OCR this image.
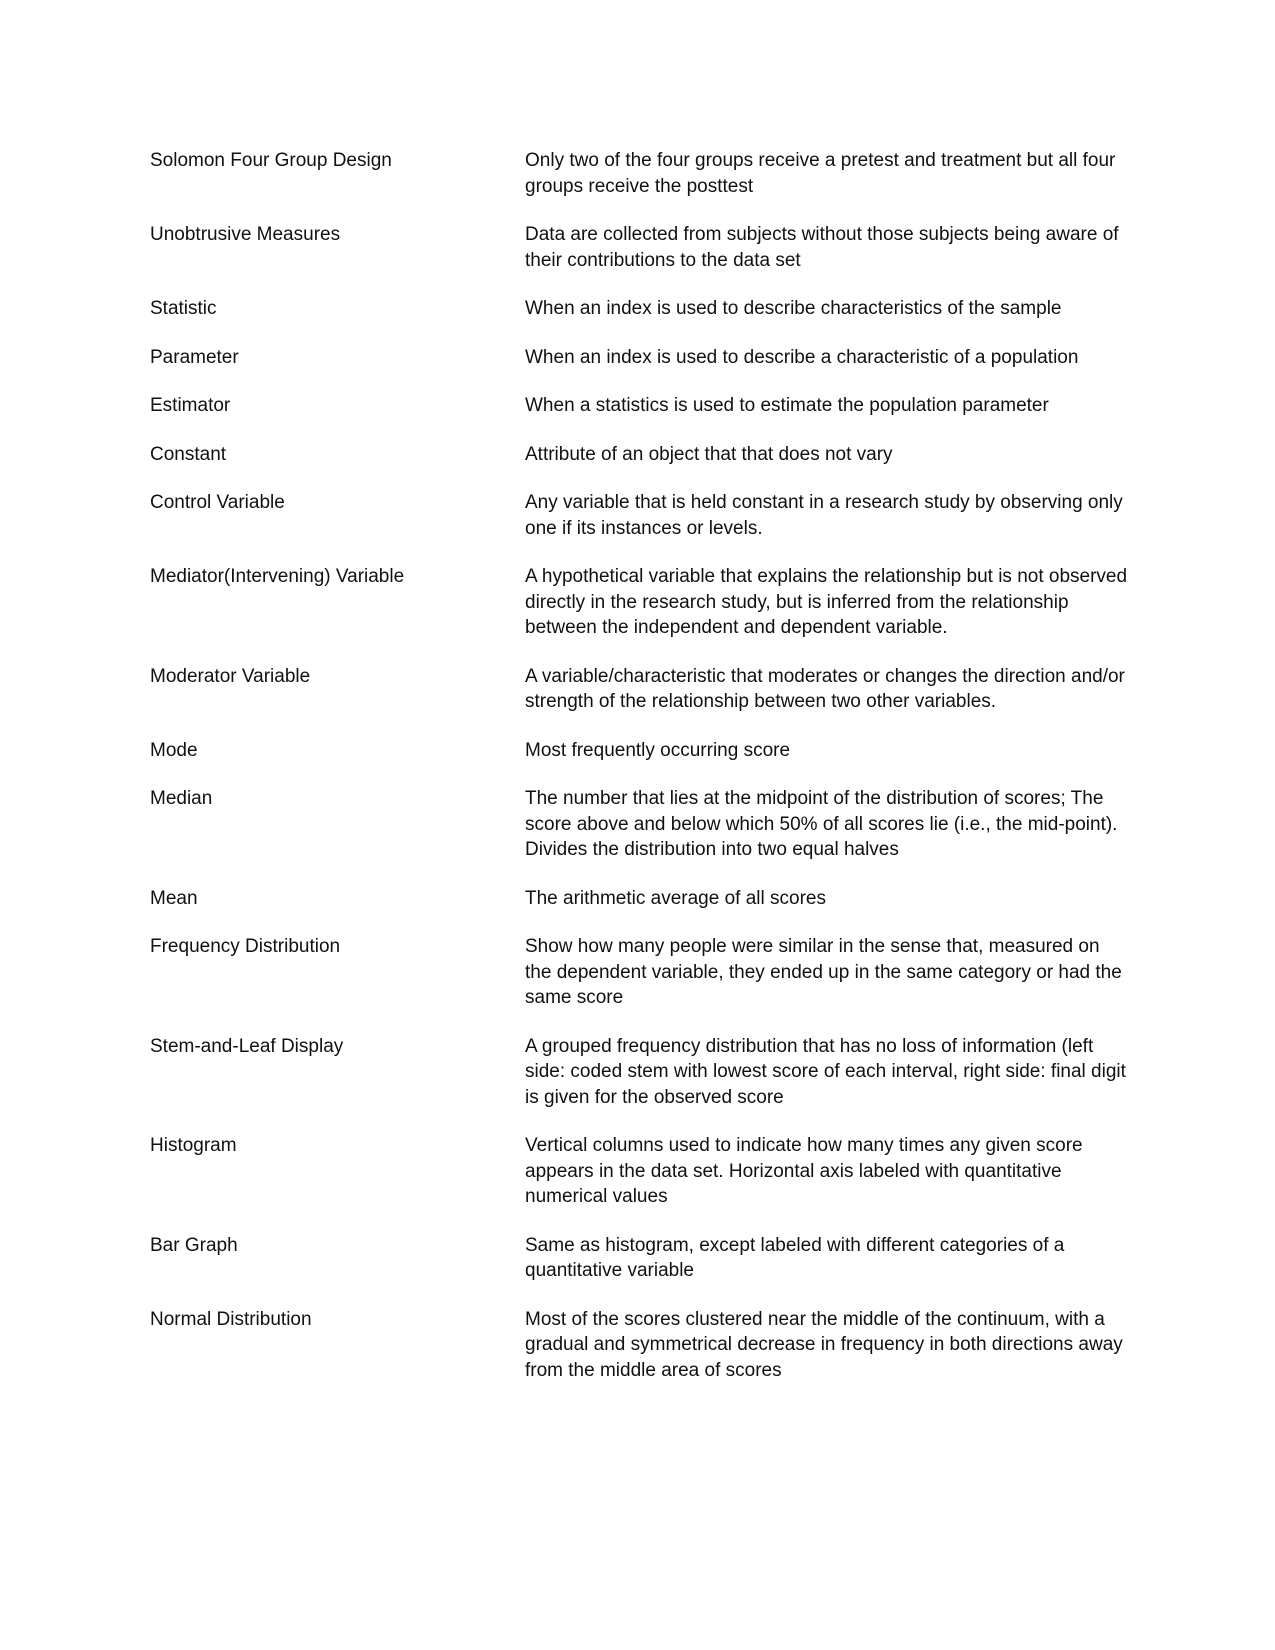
Solomon Four Group Design	Only two of the four groups receive a pretest and treatment but all four groups receive the posttest
Unobtrusive Measures	Data are collected from subjects without those subjects being aware of their contributions to the data set
Statistic	When an index is used to describe characteristics of the sample
Parameter	When an index is used to describe a characteristic of a population
Estimator	When a statistics is used to estimate the population parameter
Constant	Attribute of an object that that does not vary
Control Variable	Any variable that is held constant in a research study by observing only one if its instances or levels.
Mediator(Intervening) Variable	A hypothetical variable that explains the relationship but is not observed directly in the research study, but is inferred from the relationship between the independent and dependent variable.
Moderator Variable	A variable/characteristic that moderates or changes the direction and/or strength of the relationship between two other variables.
Mode	Most frequently occurring score
Median	The number that lies at the midpoint of the distribution of scores; The score above and below which 50% of all scores lie (i.e., the mid-point). Divides the distribution into two equal halves
Mean	The arithmetic average of all scores
Frequency Distribution	Show how many people were similar in the sense that, measured on the dependent variable, they ended up in the same category or had the same score
Stem-and-Leaf Display	A grouped frequency distribution that has no loss of information (left side: coded stem with lowest score of each interval, right side: final digit is given for the observed score
Histogram	Vertical columns used to indicate how many times any given score appears in the data set. Horizontal axis labeled with quantitative numerical values
Bar Graph	Same as histogram, except labeled with different categories of a quantitative variable
Normal Distribution	Most of the scores clustered near the middle of the continuum, with a gradual and symmetrical decrease in frequency in both directions away from the middle area of scores
